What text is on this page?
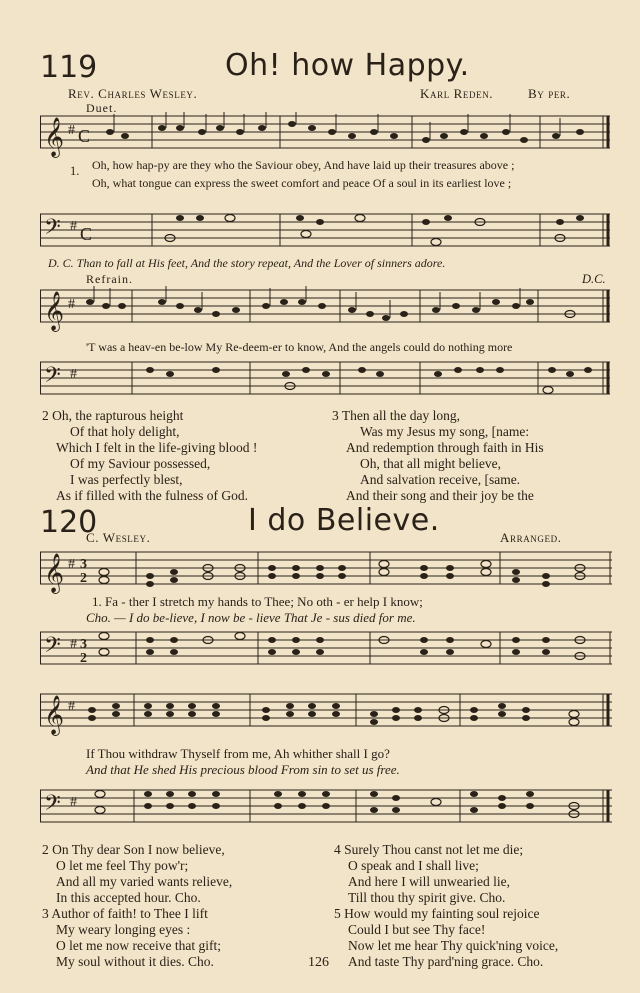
119	Oh! how Happy.
Rev. Charles Wesley.	Karl Reden.	By per.
Duet.
𝄞 # C
1. Oh, how hap-py are they who the Saviour obey, And have laid up their treasures above ;
Oh, what tongue can express the sweet comfort and peace Of a soul in its earliest love ;
𝄢 # C
D. C. Than to fall at His feet, And the story repeat, And the Lover of sinners adore.
Refrain.	D.C.
𝄞 #
'T was a heav-en be-low My Re-deem-er to know, And the angels could do nothing more
𝄢 #
2 Oh, the rapturous height
Of that holy delight,
Which I felt in the life-giving blood !
Of my Saviour possessed,
I was perfectly blest,
As if filled with the fulness of God.
3 Then all the day long,
Was my Jesus my song, [name:
And redemption through faith in His
Oh, that all might believe,
And salvation receive, [same.
And their song and their joy be the
120	I do Believe.
C. Wesley.	Arranged.
𝄞 # 3
2
1. Fa - ther I stretch my hands to Thee; No oth - er help I know;
Cho. — I do be-lieve, I now be - lieve That Je - sus died for me.
𝄢 # 3
2
𝄞 #
If Thou withdraw Thyself from me, Ah whither shall I go?
And that He shed His precious blood From sin to set us free.
𝄢 #
2 On Thy dear Son I now believe,
O let me feel Thy pow'r;
And all my varied wants relieve,
In this accepted hour. Cho.
3 Author of faith! to Thee I lift
My weary longing eyes :
O let me now receive that gift;
My soul without it dies. Cho.
4 Surely Thou canst not let me die;
O speak and I shall live;
And here I will unwearied lie,
Till thou thy spirit give. Cho.
5 How would my fainting soul rejoice
Could I but see Thy face!
Now let me hear Thy quick'ning voice,
And taste Thy pard'ning grace. Cho.
126
